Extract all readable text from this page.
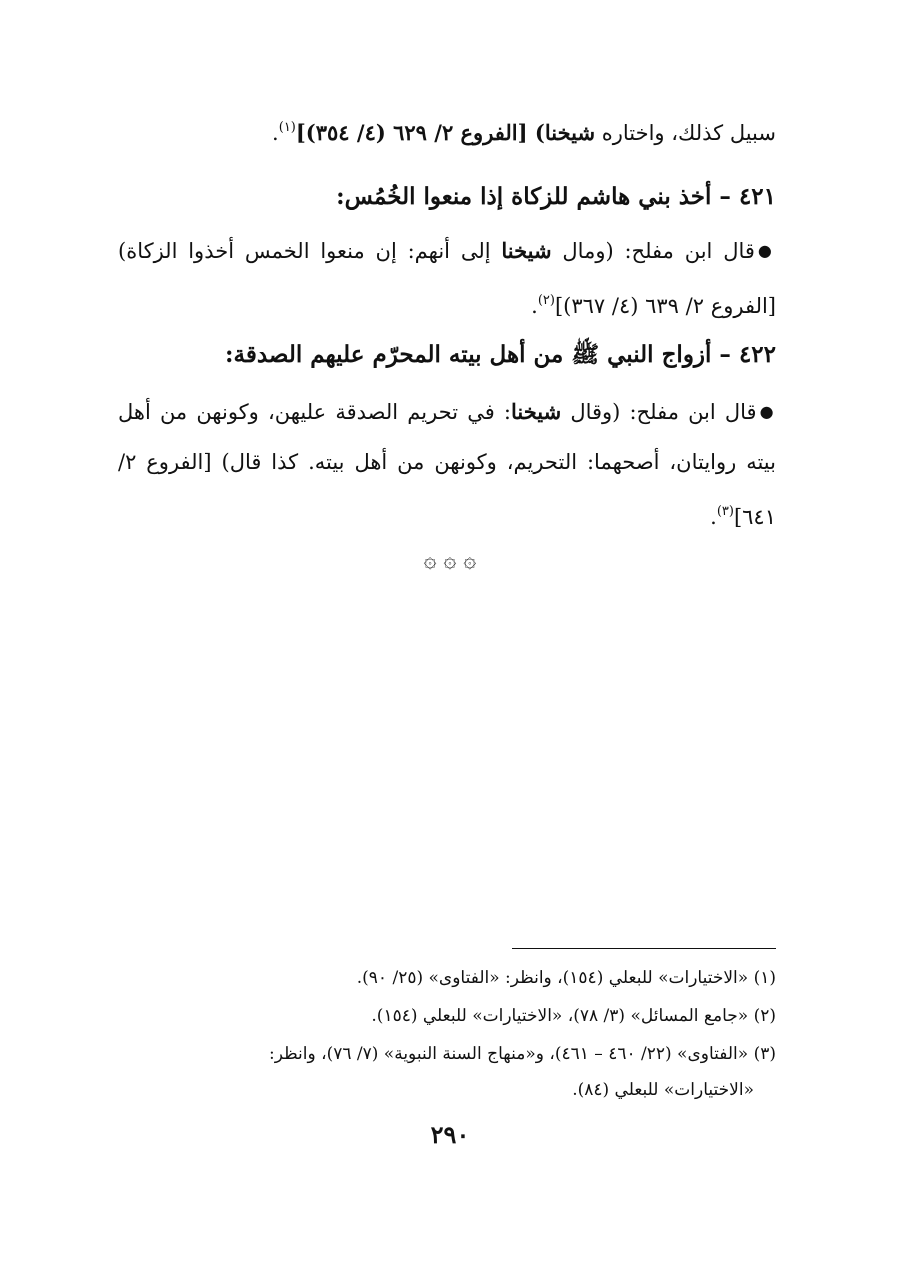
سبيل كذلك، واختاره شيخنا) [الفروع ٢/ ٦٢٩ (٤/ ٣٥٤)]$^{(١)}$.
٤٢١ – أخذ بني هاشم للزكاة إذا منعوا الخُمُس:
●قال ابن مفلح: (ومال شيخنا إلى أنهم: إن منعوا الخمس أخذوا الزكاة) [الفروع ٢/ ٦٣٩ (٤/ ٣٦٧)]$^{(٢)}$.
٤٢٢ – أزواج النبي ﷺ من أهل بيته المحرّم عليهم الصدقة:
●قال ابن مفلح: (وقال شيخنا: في تحريم الصدقة عليهن، وكونهن من أهل بيته روايتان، أصحهما: التحريم، وكونهن من أهل بيته. كذا قال) [الفروع ٢/ ٦٤١]$^{(٣)}$.
۞ ۞ ۞
(١) «الاختيارات» للبعلي (١٥٤)، وانظر: «الفتاوى» (٢٥/ ٩٠).
(٢) «جامع المسائل» (٣/ ٧٨)، «الاختيارات» للبعلي (١٥٤).
(٣) «الفتاوى» (٢٢/ ٤٦٠ – ٤٦١)، و«منهاج السنة النبوية» (٧/ ٧٦)، وانظر:
«الاختيارات» للبعلي (٨٤).
٢٩٠
